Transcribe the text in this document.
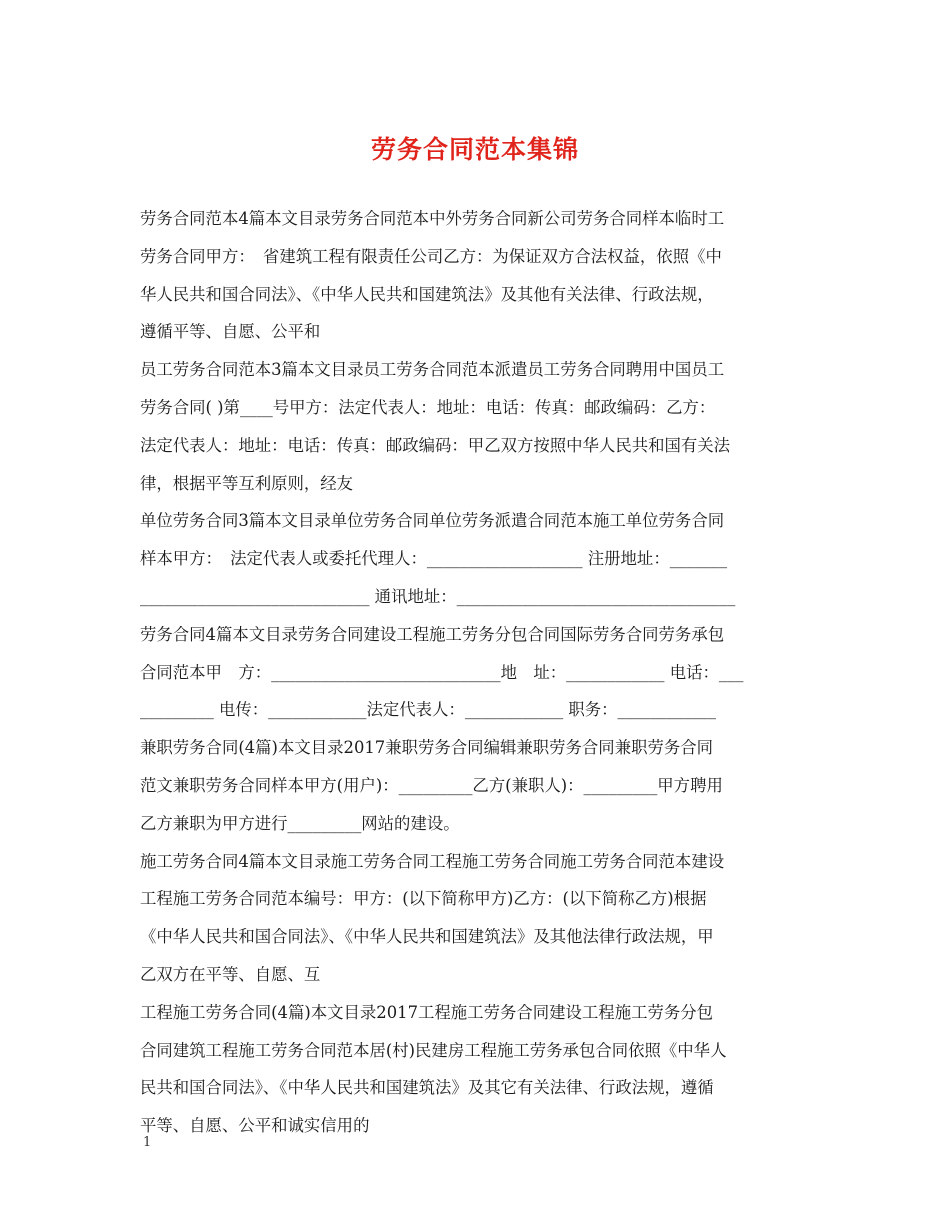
劳务合同范本集锦
劳务合同范本4篇本文目录劳务合同范本中外劳务合同新公司劳务合同样本临时工
劳务合同甲方：　省建筑工程有限责任公司乙方：为保证双方合法权益，依照《中
华人民共和国合同法》、《中华人民共和国建筑法》及其他有关法律、行政法规，
遵循平等、自愿、公平和
员工劳务合同范本3篇本文目录员工劳务合同范本派遣员工劳务合同聘用中国员工
劳务合同( )第____号甲方：法定代表人：地址：电话：传真：邮政编码：乙方：
法定代表人：地址：电话：传真：邮政编码：甲乙双方按照中华人民共和国有关法
律，根据平等互利原则，经友
单位劳务合同3篇本文目录单位劳务合同单位劳务派遣合同范本施工单位劳务合同
样本甲方：　法定代表人或委托代理人：___________________ 注册地址：_______
____________________________ 通讯地址：__________________________________
劳务合同4篇本文目录劳务合同建设工程施工劳务分包合同国际劳务合同劳务承包
合同范本甲　方：____________________________地　址：____________ 电话：___
_________ 电传：____________法定代表人：____________ 职务：____________
兼职劳务合同(4篇)本文目录2017兼职劳务合同编辑兼职劳务合同兼职劳务合同
范文兼职劳务合同样本甲方(用户)：_________乙方(兼职人)：_________甲方聘用
乙方兼职为甲方进行_________网站的建设。
施工劳务合同4篇本文目录施工劳务合同工程施工劳务合同施工劳务合同范本建设
工程施工劳务合同范本编号：甲方：(以下简称甲方)乙方：(以下简称乙方)根据
《中华人民共和国合同法》、《中华人民共和国建筑法》及其他法律行政法规，甲
乙双方在平等、自愿、互
工程施工劳务合同(4篇)本文目录2017工程施工劳务合同建设工程施工劳务分包
合同建筑工程施工劳务合同范本居(村)民建房工程施工劳务承包合同依照《中华人
民共和国合同法》、《中华人民共和国建筑法》及其它有关法律、行政法规，遵循
平等、自愿、公平和诚实信用的
1
